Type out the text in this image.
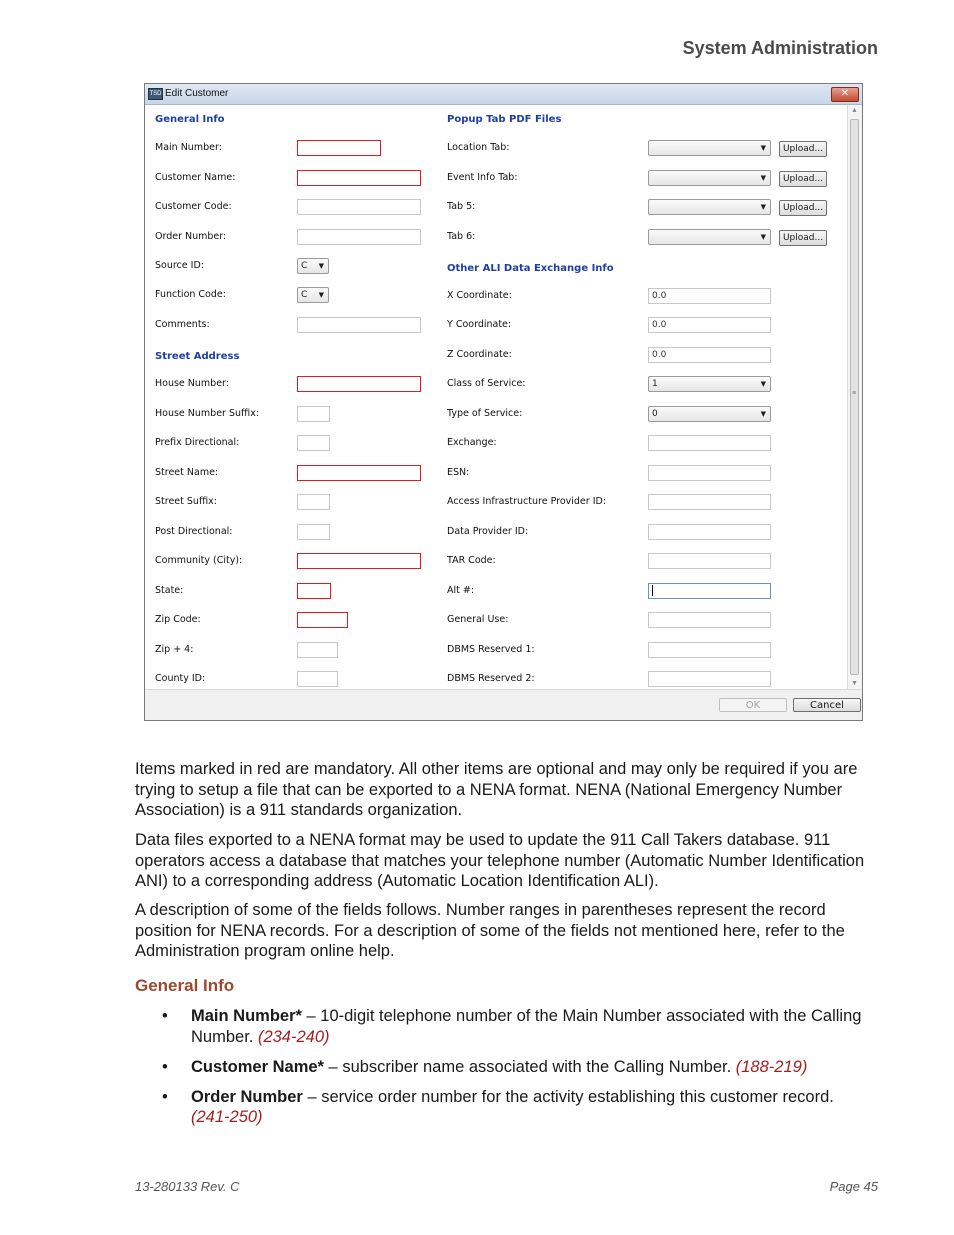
System Administration
TSD Edit Customer	✕
General Info
Street Address
Popup Tab PDF Files
Other ALI Data Exchange Info
Main Number:
Customer Name:
Customer Code:
Order Number:
Source ID:	C ▼
Function Code:	C ▼
Comments:
House Number:
House Number Suffix:
Prefix Directional:
Street Name:
Street Suffix:
Post Directional:
Community (City):
State:
Zip Code:
Zip + 4:
County ID:
Location Tab:	▼	Upload...
Event Info Tab:	▼	Upload...
Tab 5:	▼	Upload...
Tab 6:	▼	Upload...
X Coordinate:	0.0
Y Coordinate:	0.0
Z Coordinate:	0.0
Class of Service:	1	▼
Type of Service:	0	▼
Exchange:
ESN:
Access Infrastructure Provider ID:
Data Provider ID:
TAR Code:
Alt #:
General Use:
DBMS Reserved 1:
DBMS Reserved 2:
▲
≡
▼
OK	Cancel

Items marked in red are mandatory. All other items are optional and may only be required if you are trying to setup a file that can be exported to a NENA format. NENA (National Emergency Number Association) is a 911 standards organization.

Data files exported to a NENA format may be used to update the 911 Call Takers database. 911 operators access a database that matches your telephone number (Automatic Number Identification ANI) to a corresponding address (Automatic Location Identification ALI).

A description of some of the fields follows. Number ranges in parentheses represent the record position for NENA records. For a description of some of the fields not mentioned here, refer to the Administration program online help.

General Info
• Main Number* – 10-digit telephone number of the Main Number associated with the Calling Number. (234-240)
• Customer Name* – subscriber name associated with the Calling Number. (188-219)
• Order Number – service order number for the activity establishing this customer record. (241-250)
13-280133 Rev. C	Page 45
